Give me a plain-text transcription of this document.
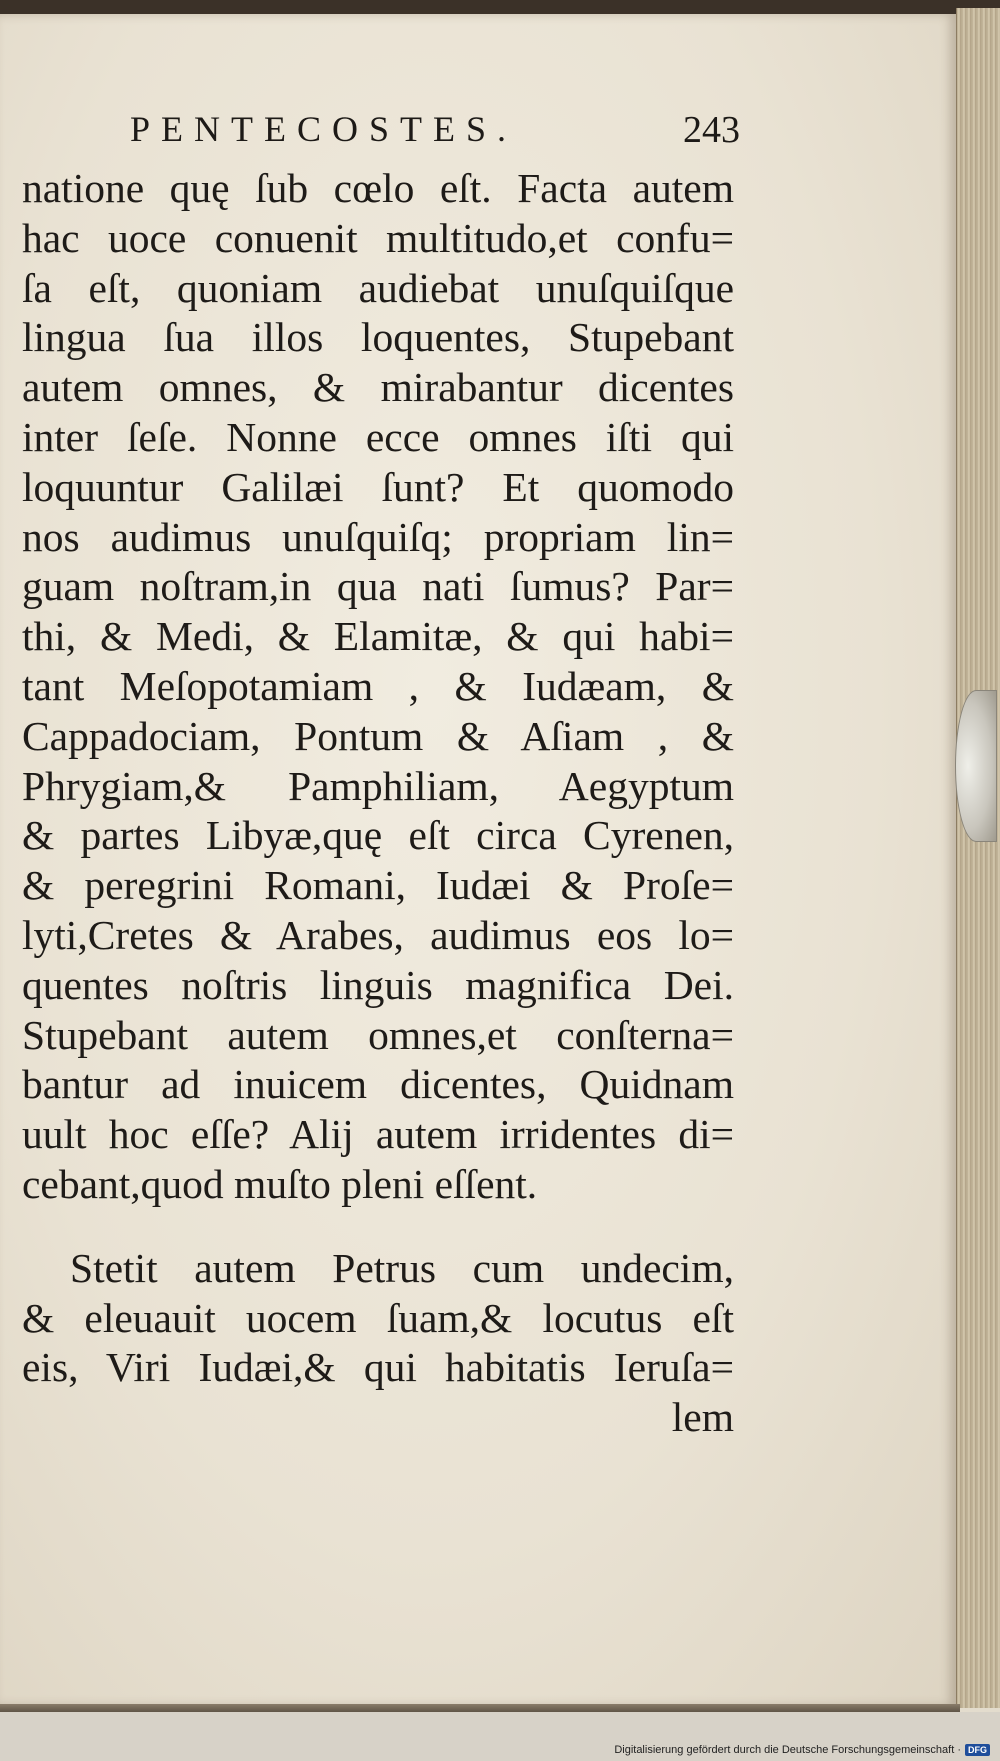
PENTECOSTES.	243
natione quę ſub cœlo eſt. Facta autem
hac uoce conuenit multitudo,et confu=
ſa eſt, quoniam audiebat unuſquiſque
lingua ſua illos loquentes, Stupebant
autem omnes, & mirabantur dicentes
inter ſeſe. Nonne ecce omnes iſti qui
loquuntur Galilæi ſunt? Et quomodo
nos audimus unuſquiſq; propriam lin=
guam noſtram,in qua nati ſumus? Par=
thi, & Medi, & Elamitæ, & qui habi=
tant Meſopotamiam , & Iudæam, &
Cappadociam, Pontum & Aſiam , &
Phrygiam,& Pamphiliam, Aegyptum
& partes Libyæ,quę eſt circa Cyrenen,
& peregrini Romani, Iudæi & Proſe=
lyti,Cretes & Arabes, audimus eos lo=
quentes noſtris linguis magnifica Dei.
Stupebant autem omnes,et conſterna=
bantur ad inuicem dicentes, Quidnam
uult hoc eſſe? Alij autem irridentes di=
cebant,quod muſto pleni eſſent.
Stetit autem Petrus cum undecim,
& eleuauit uocem ſuam,& locutus eſt
eis, Viri Iudæi,& qui habitatis Ieruſa=
lem
Digitalisierung gefördert durch die Deutsche Forschungsgemeinschaft · DFG
